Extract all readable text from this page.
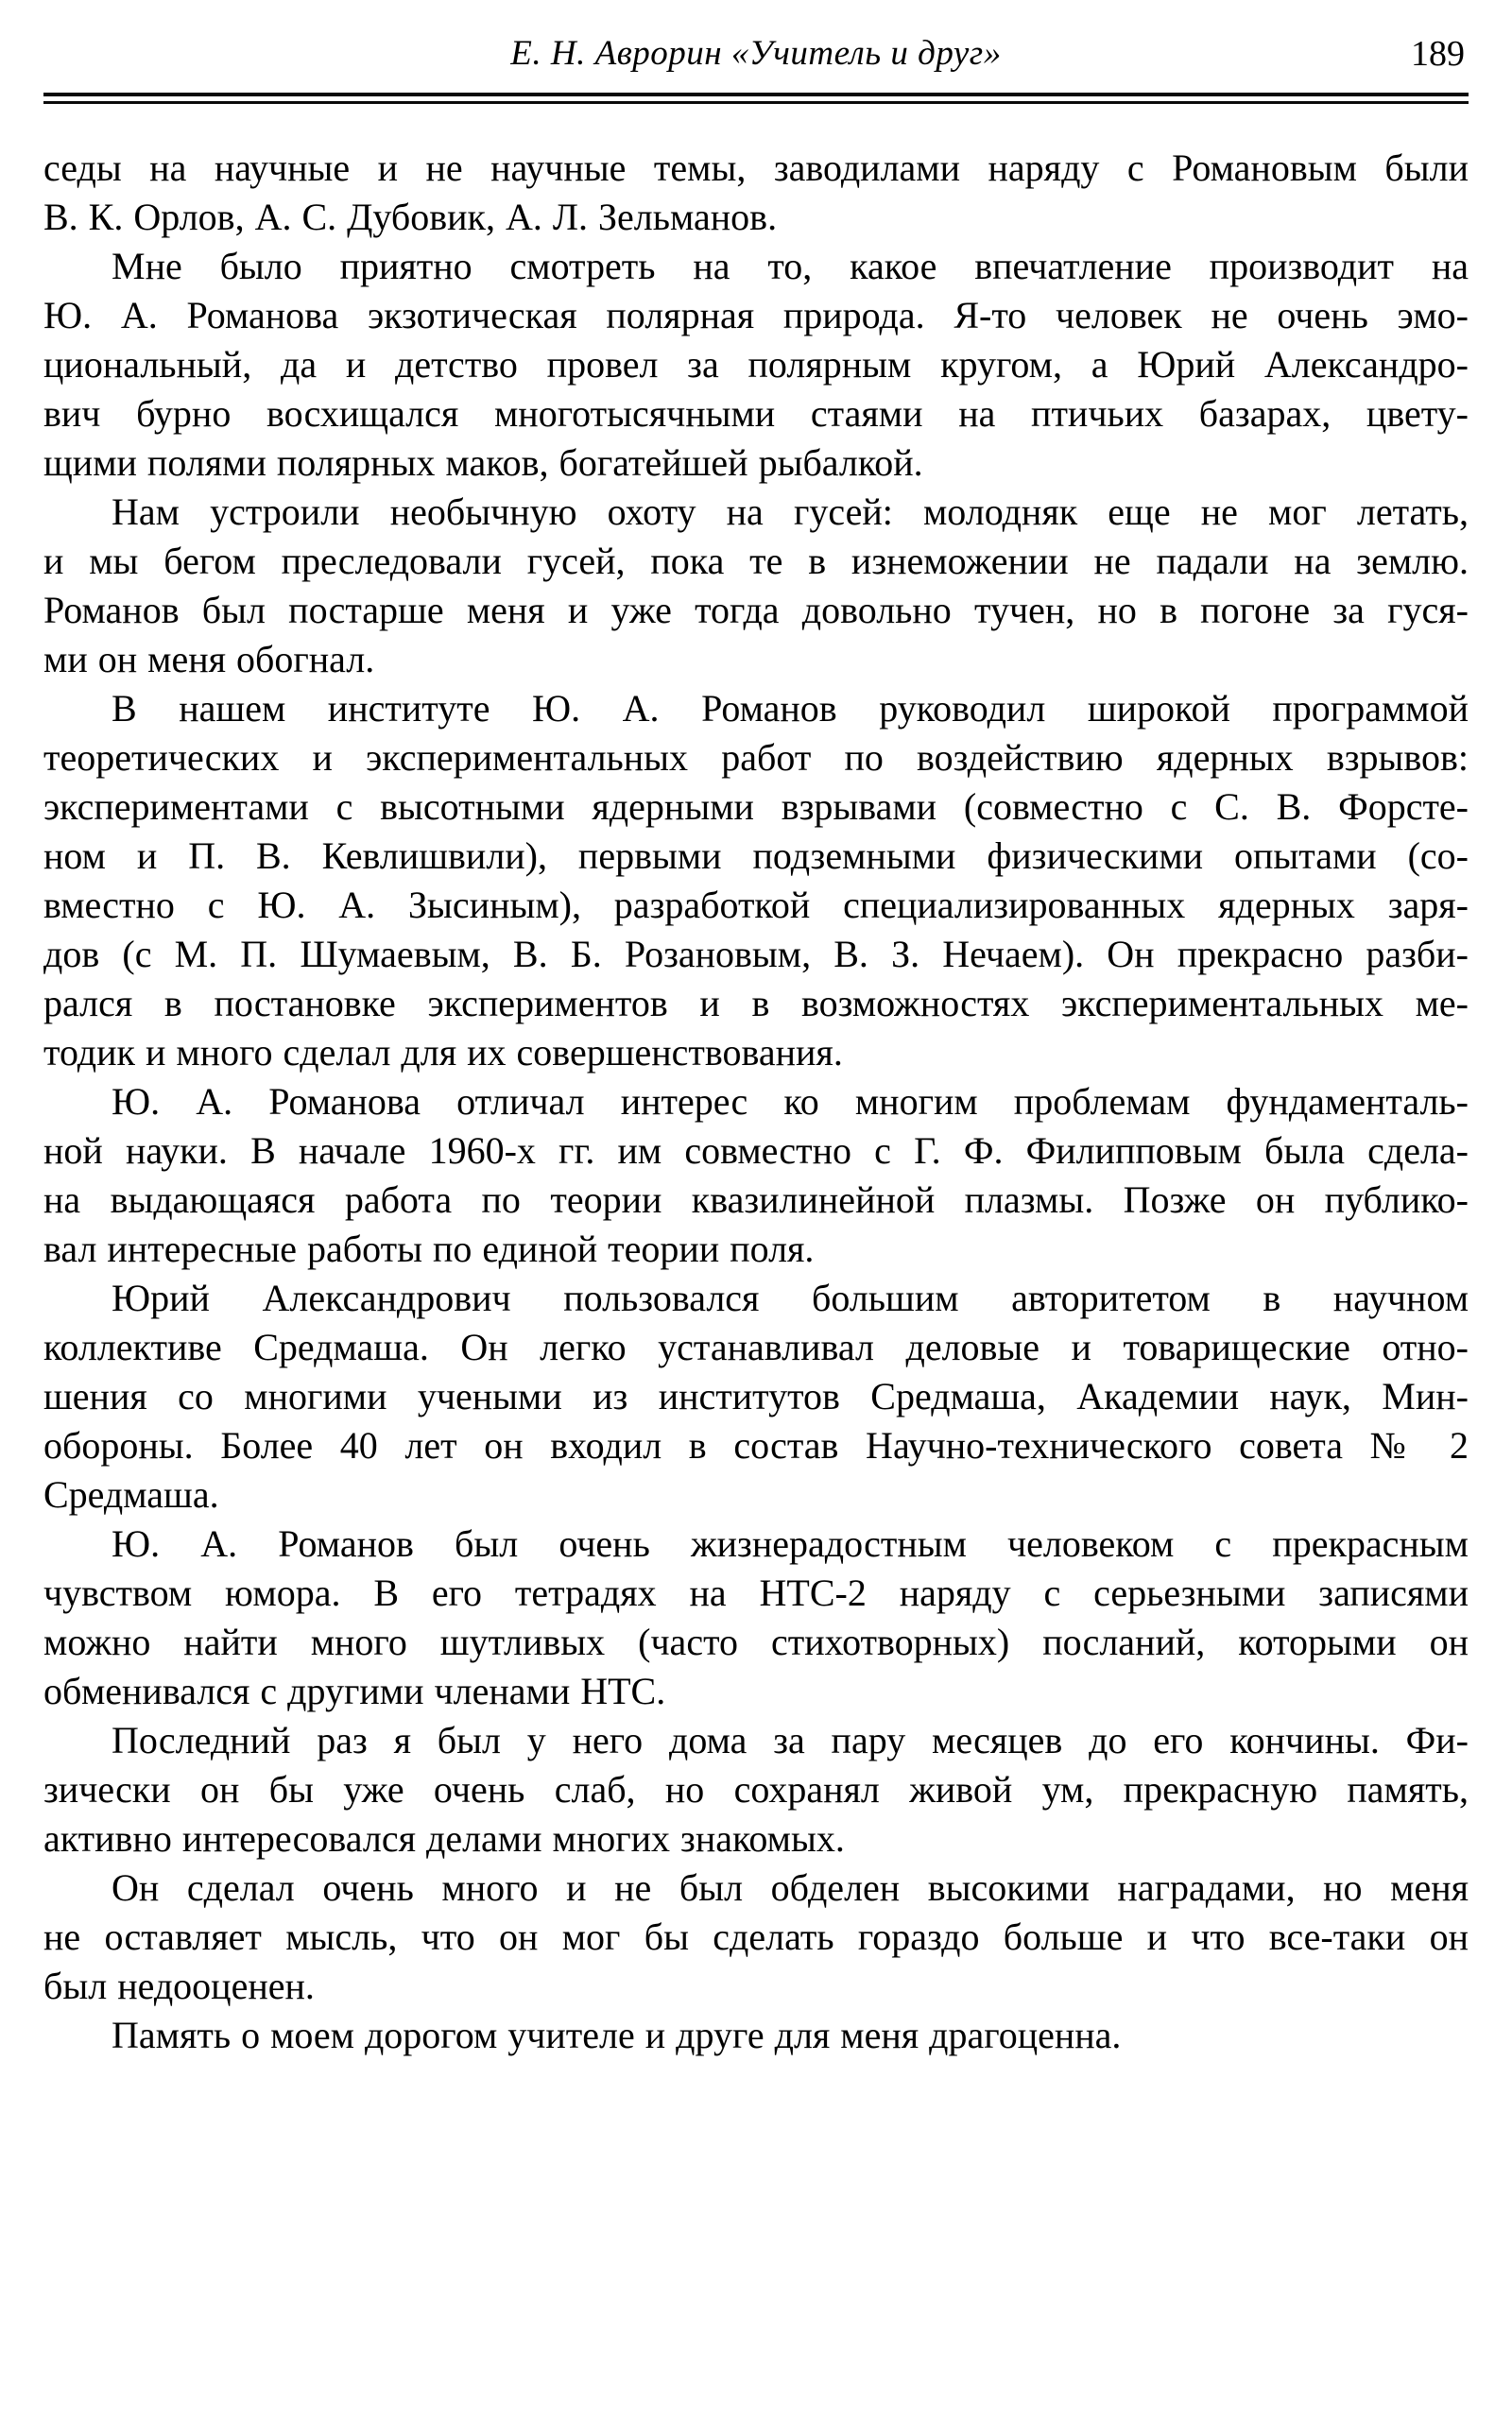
Е. Н. Аврорин «Учитель и друг»	189
седы на научные и не научные темы, заводилами наряду с Романовым были
В. К. Орлов, А. С. Дубовик, А. Л. Зельманов.
Мне было приятно смотреть на то, какое впечатление производит на
Ю. А. Романова экзотическая полярная природа. Я-то человек не очень эмо-
циональный, да и детство провел за полярным кругом, а Юрий Александро-
вич бурно восхищался многотысячными стаями на птичьих базарах, цвету-
щими полями полярных маков, богатейшей рыбалкой.
Нам устроили необычную охоту на гусей: молодняк еще не мог летать,
и мы бегом преследовали гусей, пока те в изнеможении не падали на землю.
Романов был постарше меня и уже тогда довольно тучен, но в погоне за гуся-
ми он меня обогнал.
В нашем институте Ю. А. Романов руководил широкой программой
теоретических и экспериментальных работ по воздействию ядерных взрывов:
экспериментами с высотными ядерными взрывами (совместно с С. В. Форсте-
ном и П. В. Кевлишвили), первыми подземными физическими опытами (со-
вместно с Ю. А. Зысиным), разработкой специализированных ядерных заря-
дов (с М. П. Шумаевым, В. Б. Розановым, В. З. Нечаем). Он прекрасно разби-
рался в постановке экспериментов и в возможностях экспериментальных ме-
тодик и много сделал для их совершенствования.
Ю. А. Романова отличал интерес ко многим проблемам фундаменталь-
ной науки. В начале 1960-х гг. им совместно с Г. Ф. Филипповым была сдела-
на выдающаяся работа по теории квазилинейной плазмы. Позже он публико-
вал интересные работы по единой теории поля.
Юрий Александрович пользовался большим авторитетом в научном
коллективе Средмаша. Он легко устанавливал деловые и товарищеские отно-
шения со многими учеными из институтов Средмаша, Академии наук, Мин-
обороны. Более 40 лет он входил в состав Научно-технического совета № 2
Средмаша.
Ю. А. Романов был очень жизнерадостным человеком с прекрасным
чувством юмора. В его тетрадях на НТС-2 наряду с серьезными записями
можно найти много шутливых (часто стихотворных) посланий, которыми он
обменивался с другими членами НТС.
Последний раз я был у него дома за пару месяцев до его кончины. Фи-
зически он бы уже очень слаб, но сохранял живой ум, прекрасную память,
активно интересовался делами многих знакомых.
Он сделал очень много и не был обделен высокими наградами, но меня
не оставляет мысль, что он мог бы сделать гораздо больше и что все-таки он
был недооценен.
Память о моем дорогом учителе и друге для меня драгоценна.
